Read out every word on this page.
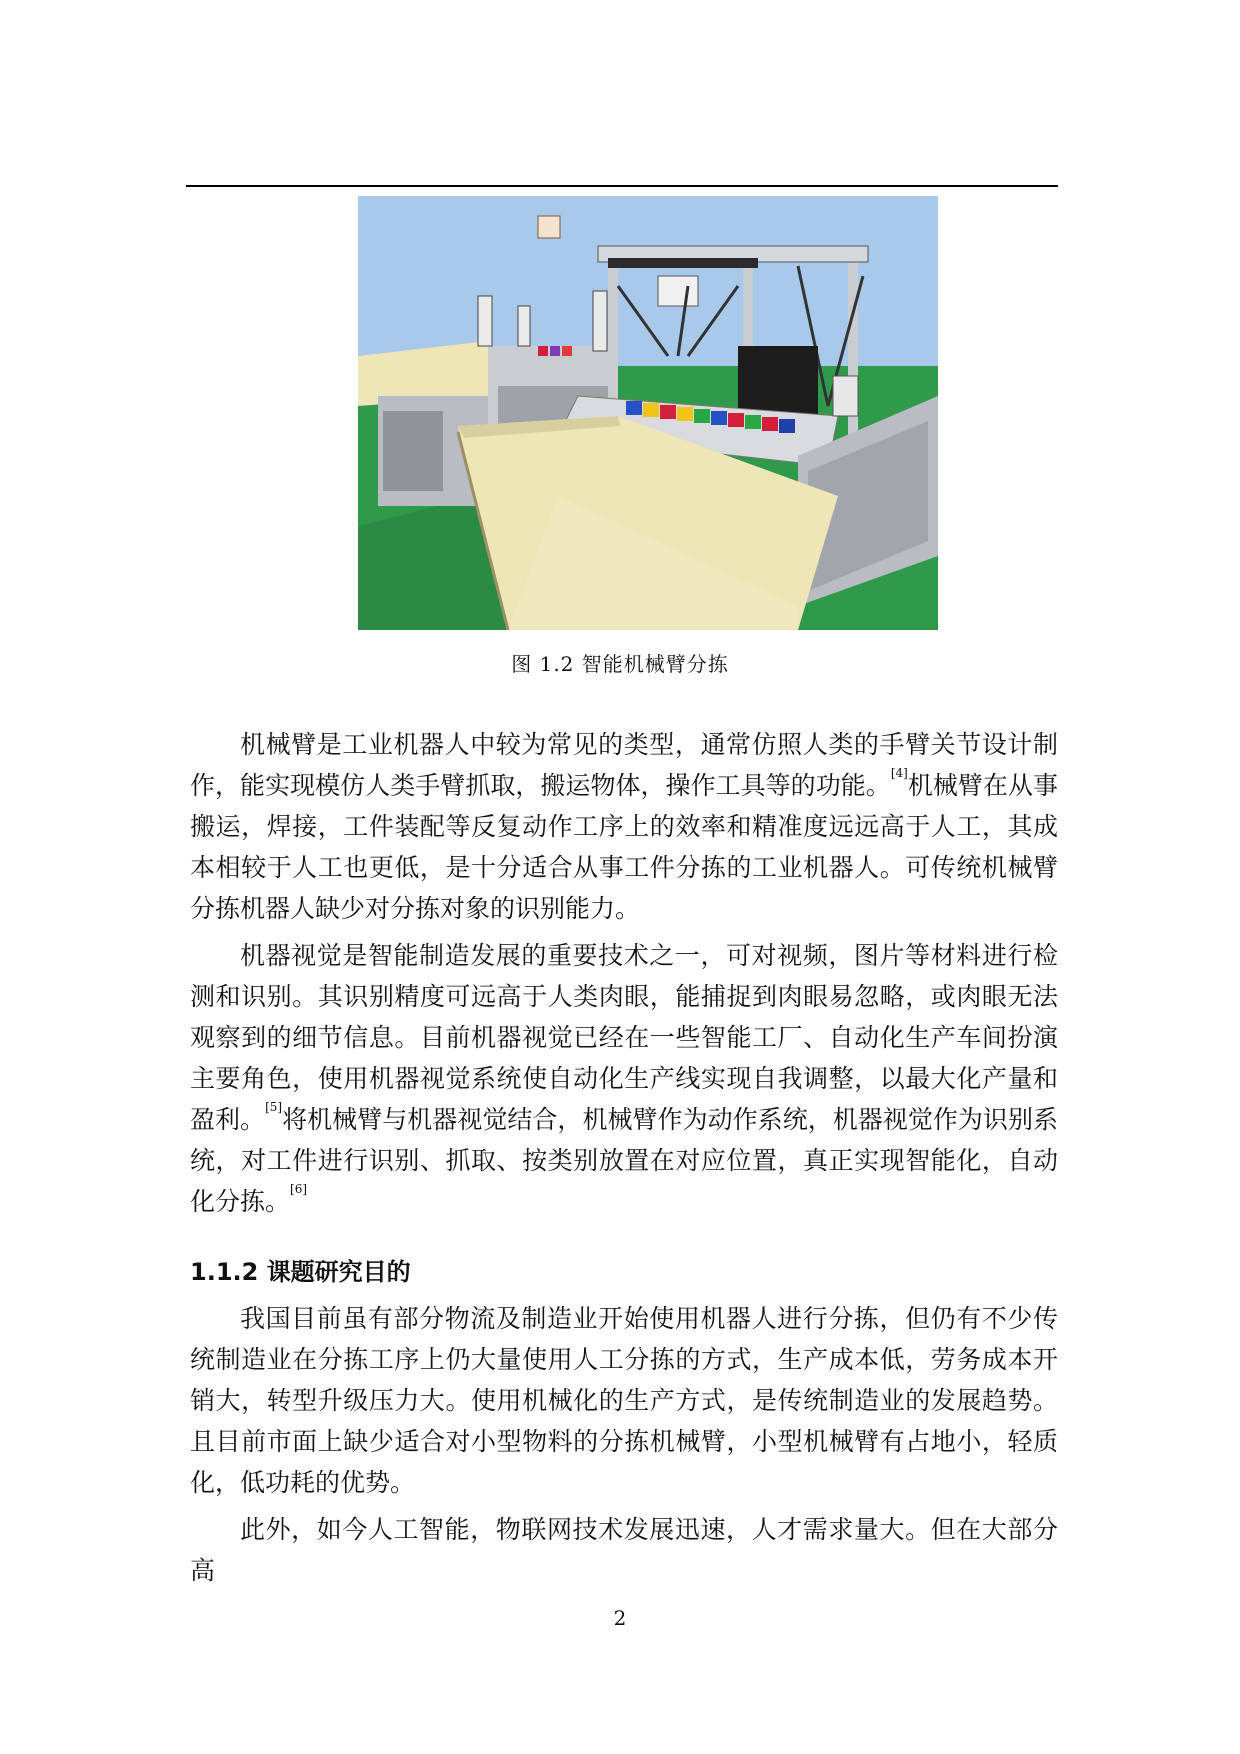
图 1.2 智能机械臂分拣

机械臂是工业机器人中较为常见的类型，通常仿照人类的手臂关节设计制作，能实现模仿人类手臂抓取，搬运物体，操作工具等的功能。[4]机械臂在从事搬运，焊接，工件装配等反复动作工序上的效率和精准度远远高于人工，其成本相较于人工也更低，是十分适合从事工件分拣的工业机器人。可传统机械臂分拣机器人缺少对分拣对象的识别能力。

机器视觉是智能制造发展的重要技术之一，可对视频，图片等材料进行检测和识别。其识别精度可远高于人类肉眼，能捕捉到肉眼易忽略，或肉眼无法观察到的细节信息。目前机器视觉已经在一些智能工厂、自动化生产车间扮演主要角色，使用机器视觉系统使自动化生产线实现自我调整，以最大化产量和盈利。[5]将机械臂与机器视觉结合，机械臂作为动作系统，机器视觉作为识别系统，对工件进行识别、抓取、按类别放置在对应位置，真正实现智能化，自动化分拣。[6]

1.1.2 课题研究目的

我国目前虽有部分物流及制造业开始使用机器人进行分拣，但仍有不少传统制造业在分拣工序上仍大量使用人工分拣的方式，生产成本低，劳务成本开销大，转型升级压力大。使用机械化的生产方式，是传统制造业的发展趋势。且目前市面上缺少适合对小型物料的分拣机械臂，小型机械臂有占地小，轻质化，低功耗的优势。

此外，如今人工智能，物联网技术发展迅速，人才需求量大。但在大部分高

2
